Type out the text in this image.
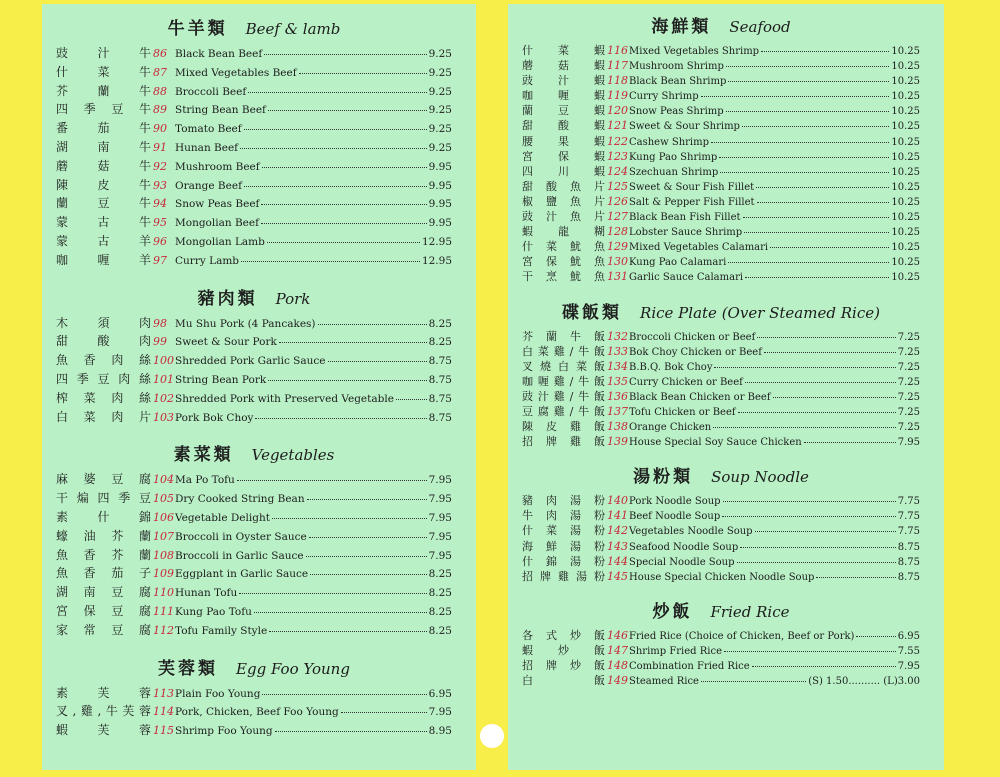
牛羊類 Beef & lamb
豉汁牛 86 Black Bean Beef	9.25
什菜牛 87 Mixed Vegetables Beef	9.25
芥蘭牛 88 Broccoli Beef	9.25
四季豆牛 89 String Bean Beef	9.25
番茄牛 90 Tomato Beef	9.25
湖南牛 91 Hunan Beef	9.25
蘑菇牛 92 Mushroom Beef	9.95
陳皮牛 93 Orange Beef	9.95
蘭豆牛 94 Snow Peas Beef	9.95
蒙古牛 95 Mongolian Beef	9.95
蒙古羊 96 Mongolian Lamb	12.95
咖喱羊 97 Curry Lamb	12.95
豬肉類 Pork
木須肉 98 Mu Shu Pork (4 Pancakes)	8.25
甜酸肉 99 Sweet & Sour Pork	8.25
魚香肉絲 100 Shredded Pork Garlic Sauce	8.75
四季豆肉絲 101 String Bean Pork	8.75
榨菜肉絲 102 Shredded Pork with Preserved Vegetable	8.75
白菜肉片 103 Pork Bok Choy	8.75
素菜類 Vegetables
麻婆豆腐 104 Ma Po Tofu	7.95
干煸四季豆 105 Dry Cooked String Bean	7.95
素什錦 106 Vegetable Delight	7.95
蠔油芥蘭 107 Broccoli in Oyster Sauce	7.95
魚香芥蘭 108 Broccoli in Garlic Sauce	7.95
魚香茄子 109 Eggplant in Garlic Sauce	8.25
湖南豆腐 110 Hunan Tofu	8.25
宮保豆腐 111 Kung Pao Tofu	8.25
家常豆腐 112 Tofu Family Style	8.25
芙蓉類 Egg Foo Young
素芙蓉 113 Plain Foo Young	6.95
叉,雞,牛芙蓉 114 Pork, Chicken, Beef Foo Young	7.95
蝦芙蓉 115 Shrimp Foo Young	8.95
海鮮類 Seafood
什菜蝦 116 Mixed Vegetables Shrimp	10.25
蘑菇蝦 117 Mushroom Shrimp	10.25
豉汁蝦 118 Black Bean Shrimp	10.25
咖喱蝦 119 Curry Shrimp	10.25
蘭豆蝦 120 Snow Peas Shrimp	10.25
甜酸蝦 121 Sweet & Sour Shrimp	10.25
腰果蝦 122 Cashew Shrimp	10.25
宮保蝦 123 Kung Pao Shrimp	10.25
四川蝦 124 Szechuan Shrimp	10.25
甜酸魚片 125 Sweet & Sour Fish Fillet	10.25
椒鹽魚片 126 Salt & Pepper Fish Fillet	10.25
豉汁魚片 127 Black Bean Fish Fillet	10.25
蝦龍糊 128 Lobster Sauce Shrimp	10.25
什菜魷魚 129 Mixed Vegetables Calamari	10.25
宮保魷魚 130 Kung Pao Calamari	10.25
干烹魷魚 131 Garlic Sauce Calamari	10.25
碟飯類 Rice Plate (Over Steamed Rice)
芥蘭牛飯 132 Broccoli Chicken or Beef	7.25
白菜雞/牛飯 133 Bok Choy Chicken or Beef	7.25
叉燒白菜飯 134 B.B.Q. Bok Choy	7.25
咖喱雞/牛飯 135 Curry Chicken or Beef	7.25
豉汁雞/牛飯 136 Black Bean Chicken or Beef	7.25
豆腐雞/牛飯 137 Tofu Chicken or Beef	7.25
陳皮雞飯 138 Orange Chicken	7.25
招牌雞飯 139 House Special Soy Sauce Chicken	7.95
湯粉類 Soup Noodle
豬肉湯粉 140 Pork Noodle Soup	7.75
牛肉湯粉 141 Beef Noodle Soup	7.75
什菜湯粉 142 Vegetables Noodle Soup	7.75
海鮮湯粉 143 Seafood Noodle Soup	8.75
什錦湯粉 144 Special Noodle Soup	8.75
招牌雞湯粉 145 House Special Chicken Noodle Soup	8.75
炒飯 Fried Rice
各式炒飯 146 Fried Rice (Choice of Chicken, Beef or Pork)	6.95
蝦炒飯 147 Shrimp Fried Rice	7.55
招牌炒飯 148 Combination Fried Rice	7.95
白飯 149 Steamed Rice	(S) 1.50.......... (L)3.00
